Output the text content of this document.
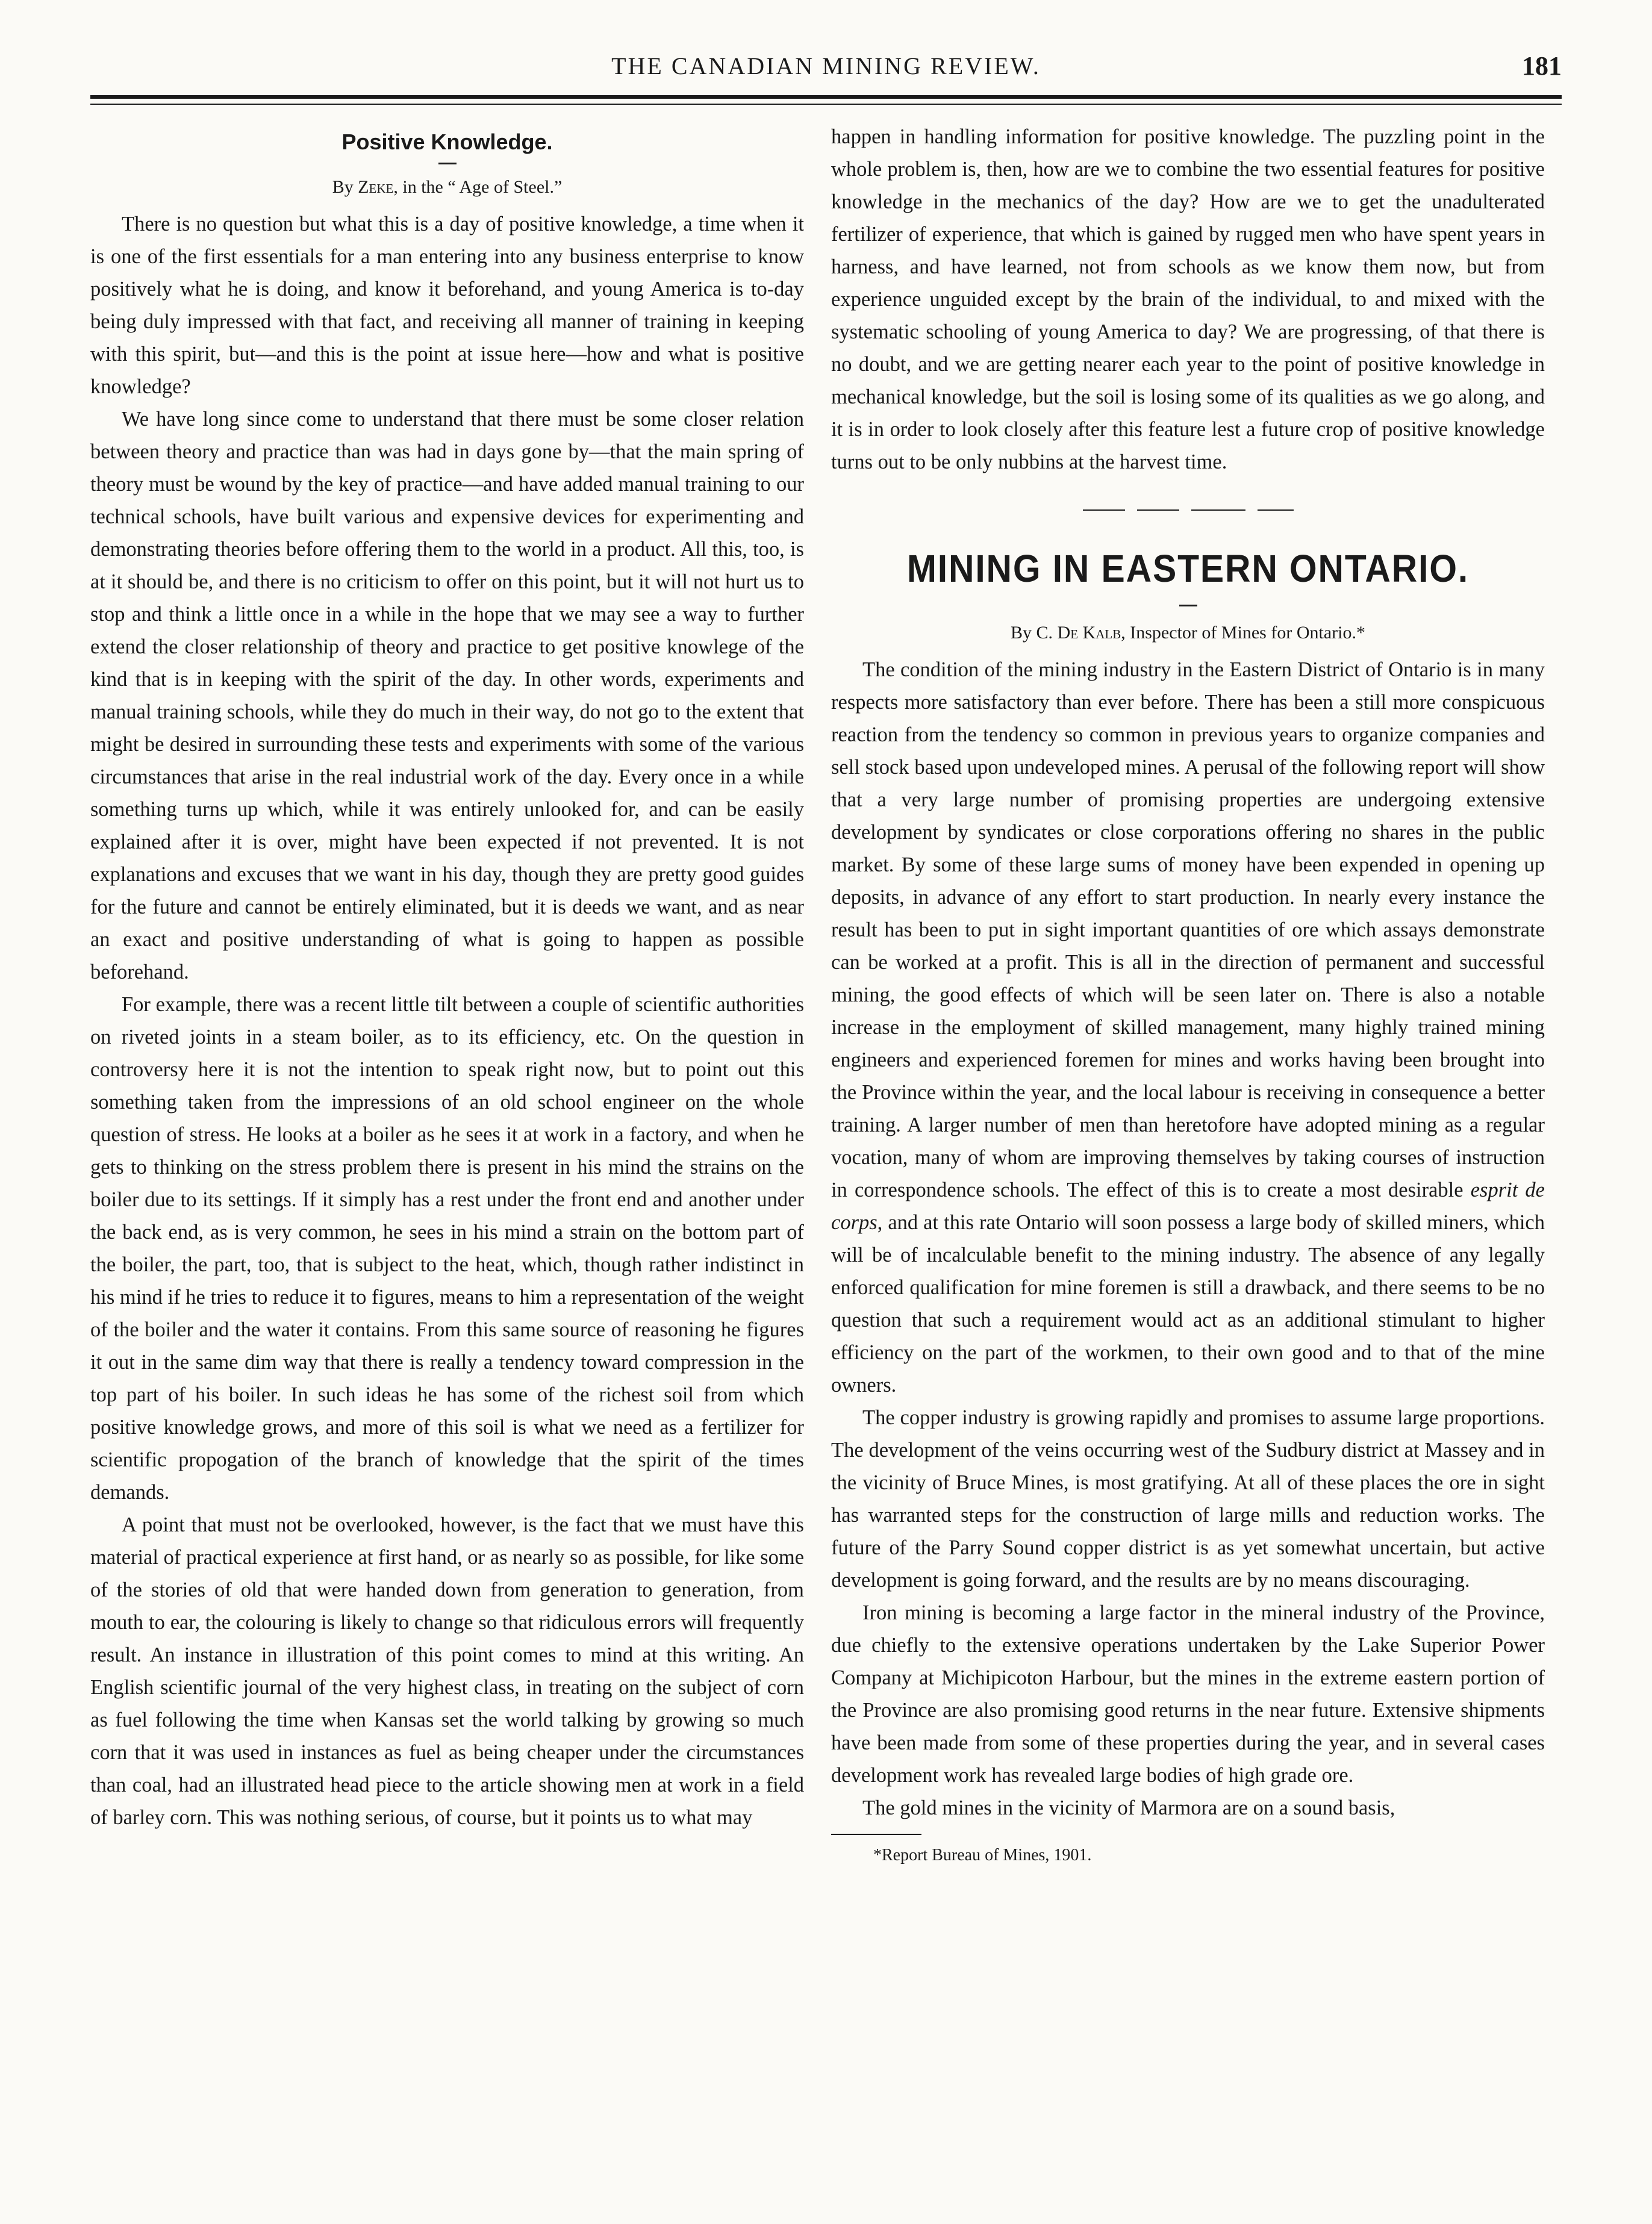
THE CANADIAN MINING REVIEW.	181
Positive Knowledge.
By Zeke, in the “ Age of Steel.”

There is no question but what this is a day of positive knowledge, a time when it is one of the first essentials for a man entering into any business enterprise to know positively what he is doing, and know it beforehand, and young America is to-day being duly impressed with that fact, and receiving all manner of training in keeping with this spirit, but—and this is the point at issue here—how and what is positive knowledge?

We have long since come to understand that there must be some closer relation between theory and practice than was had in days gone by—that the main spring of theory must be wound by the key of practice—and have added manual training to our technical schools, have built various and expensive devices for experimenting and demonstrating theories before offering them to the world in a product. All this, too, is at it should be, and there is no criticism to offer on this point, but it will not hurt us to stop and think a little once in a while in the hope that we may see a way to further extend the closer relationship of theory and practice to get positive knowlege of the kind that is in keeping with the spirit of the day. In other words, experiments and manual training schools, while they do much in their way, do not go to the extent that might be desired in surrounding these tests and experiments with some of the various circumstances that arise in the real industrial work of the day. Every once in a while something turns up which, while it was entirely unlooked for, and can be easily explained after it is over, might have been expected if not prevented. It is not explanations and excuses that we want in his day, though they are pretty good guides for the future and cannot be entirely eliminated, but it is deeds we want, and as near an exact and positive understanding of what is going to happen as possible beforehand.

For example, there was a recent little tilt between a couple of scientific authorities on riveted joints in a steam boiler, as to its efficiency, etc. On the question in controversy here it is not the intention to speak right now, but to point out this something taken from the impressions of an old school engineer on the whole question of stress. He looks at a boiler as he sees it at work in a factory, and when he gets to thinking on the stress problem there is present in his mind the strains on the boiler due to its settings. If it simply has a rest under the front end and another under the back end, as is very common, he sees in his mind a strain on the bottom part of the boiler, the part, too, that is subject to the heat, which, though rather indistinct in his mind if he tries to reduce it to figures, means to him a representation of the weight of the boiler and the water it contains. From this same source of reasoning he figures it out in the same dim way that there is really a tendency toward compression in the top part of his boiler. In such ideas he has some of the richest soil from which positive knowledge grows, and more of this soil is what we need as a fertilizer for scientific propogation of the branch of knowledge that the spirit of the times demands.

A point that must not be overlooked, however, is the fact that we must have this material of practical experience at first hand, or as nearly so as possible, for like some of the stories of old that were handed down from generation to generation, from mouth to ear, the colouring is likely to change so that ridiculous errors will frequently result. An instance in illustration of this point comes to mind at this writing. An English scientific journal of the very highest class, in treating on the subject of corn as fuel following the time when Kansas set the world talking by growing so much corn that it was used in instances as fuel as being cheaper under the circumstances than coal, had an illustrated head piece to the article showing men at work in a field of barley corn. This was nothing serious, of course, but it points us to what may

happen in handling information for positive knowledge. The puzzling point in the whole problem is, then, how are we to combine the two essential features for positive knowledge in the mechanics of the day? How are we to get the unadulterated fertilizer of experience, that which is gained by rugged men who have spent years in harness, and have learned, not from schools as we know them now, but from experience unguided except by the brain of the individual, to and mixed with the systematic schooling of young America to day? We are progressing, of that there is no doubt, and we are getting nearer each year to the point of positive knowledge in mechanical knowledge, but the soil is losing some of its qualities as we go along, and it is in order to look closely after this feature lest a future crop of positive knowledge turns out to be only nubbins at the harvest time.

MINING IN EASTERN ONTARIO.
By C. De Kalb, Inspector of Mines for Ontario.*

The condition of the mining industry in the Eastern District of Ontario is in many respects more satisfactory than ever before. There has been a still more conspicuous reaction from the tendency so common in previous years to organize companies and sell stock based upon undeveloped mines. A perusal of the following report will show that a very large number of promising properties are undergoing extensive development by syndicates or close corporations offering no shares in the public market. By some of these large sums of money have been expended in opening up deposits, in advance of any effort to start production. In nearly every instance the result has been to put in sight important quantities of ore which assays demonstrate can be worked at a profit. This is all in the direction of permanent and successful mining, the good effects of which will be seen later on. There is also a notable increase in the employment of skilled management, many highly trained mining engineers and experienced foremen for mines and works having been brought into the Province within the year, and the local labour is receiving in consequence a better training. A larger number of men than heretofore have adopted mining as a regular vocation, many of whom are improving themselves by taking courses of instruction in correspondence schools. The effect of this is to create a most desirable esprit de corps, and at this rate Ontario will soon possess a large body of skilled miners, which will be of incalculable benefit to the mining industry. The absence of any legally enforced qualification for mine foremen is still a drawback, and there seems to be no question that such a requirement would act as an additional stimulant to higher efficiency on the part of the workmen, to their own good and to that of the mine owners.

The copper industry is growing rapidly and promises to assume large proportions. The development of the veins occurring west of the Sudbury district at Massey and in the vicinity of Bruce Mines, is most gratifying. At all of these places the ore in sight has warranted steps for the construction of large mills and reduction works. The future of the Parry Sound copper district is as yet somewhat uncertain, but active development is going forward, and the results are by no means discouraging.

Iron mining is becoming a large factor in the mineral industry of the Province, due chiefly to the extensive operations undertaken by the Lake Superior Power Company at Michipicoton Harbour, but the mines in the extreme eastern portion of the Province are also promising good returns in the near future. Extensive shipments have been made from some of these properties during the year, and in several cases development work has revealed large bodies of high grade ore.

The gold mines in the vicinity of Marmora are on a sound basis,

*Report Bureau of Mines, 1901.
